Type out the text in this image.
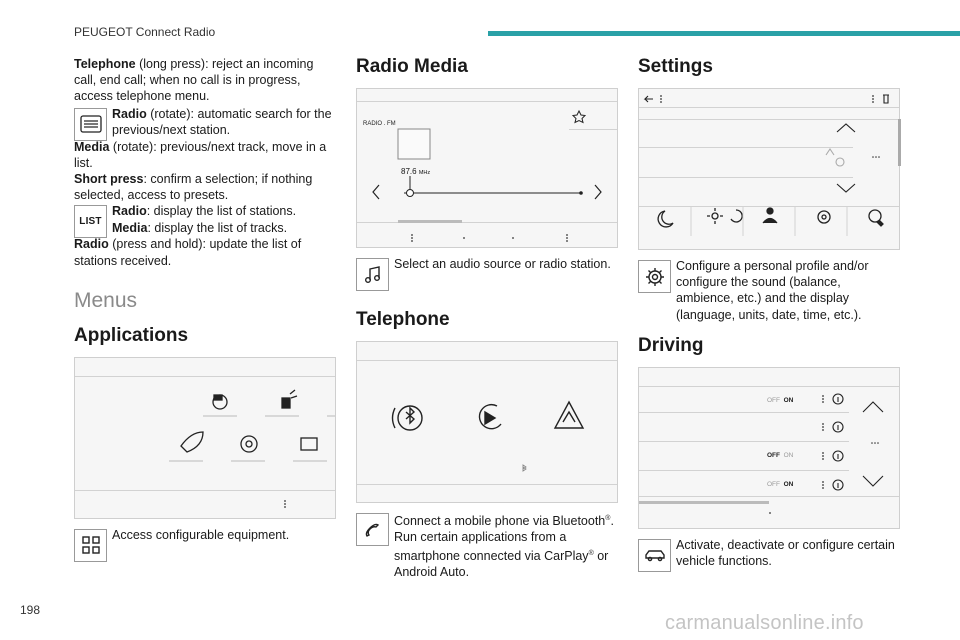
PEUGEOT Connect Radio

Telephone (long press): reject an incoming call, end call; when no call is in progress, access telephone menu.

Radio (rotate): automatic search for the previous/next station.

Media (rotate): previous/next track, move in a list.

Short press: confirm a selection; if nothing selected, access to presets.

LIST

Radio: display the list of stations.

Media: display the list of tracks.

Radio (press and hold): update the list of stations received.

Menus
Applications

Access configurable equipment.

Radio Media
RADIO . FM
87.6 MHz

Select an audio source or radio station.

Telephone

Connect a mobile phone via Bluetooth®. Run certain applications from a smartphone connected via CarPlay® or Android Auto.

Settings

Configure a personal profile and/or configure the sound (balance, ambience, etc.) and the display (language, units, date, time, etc.).

Driving
OFF ON
OFF ON
OFF ON

Activate, deactivate or configure certain vehicle functions.

198
carmanualsonline.info
